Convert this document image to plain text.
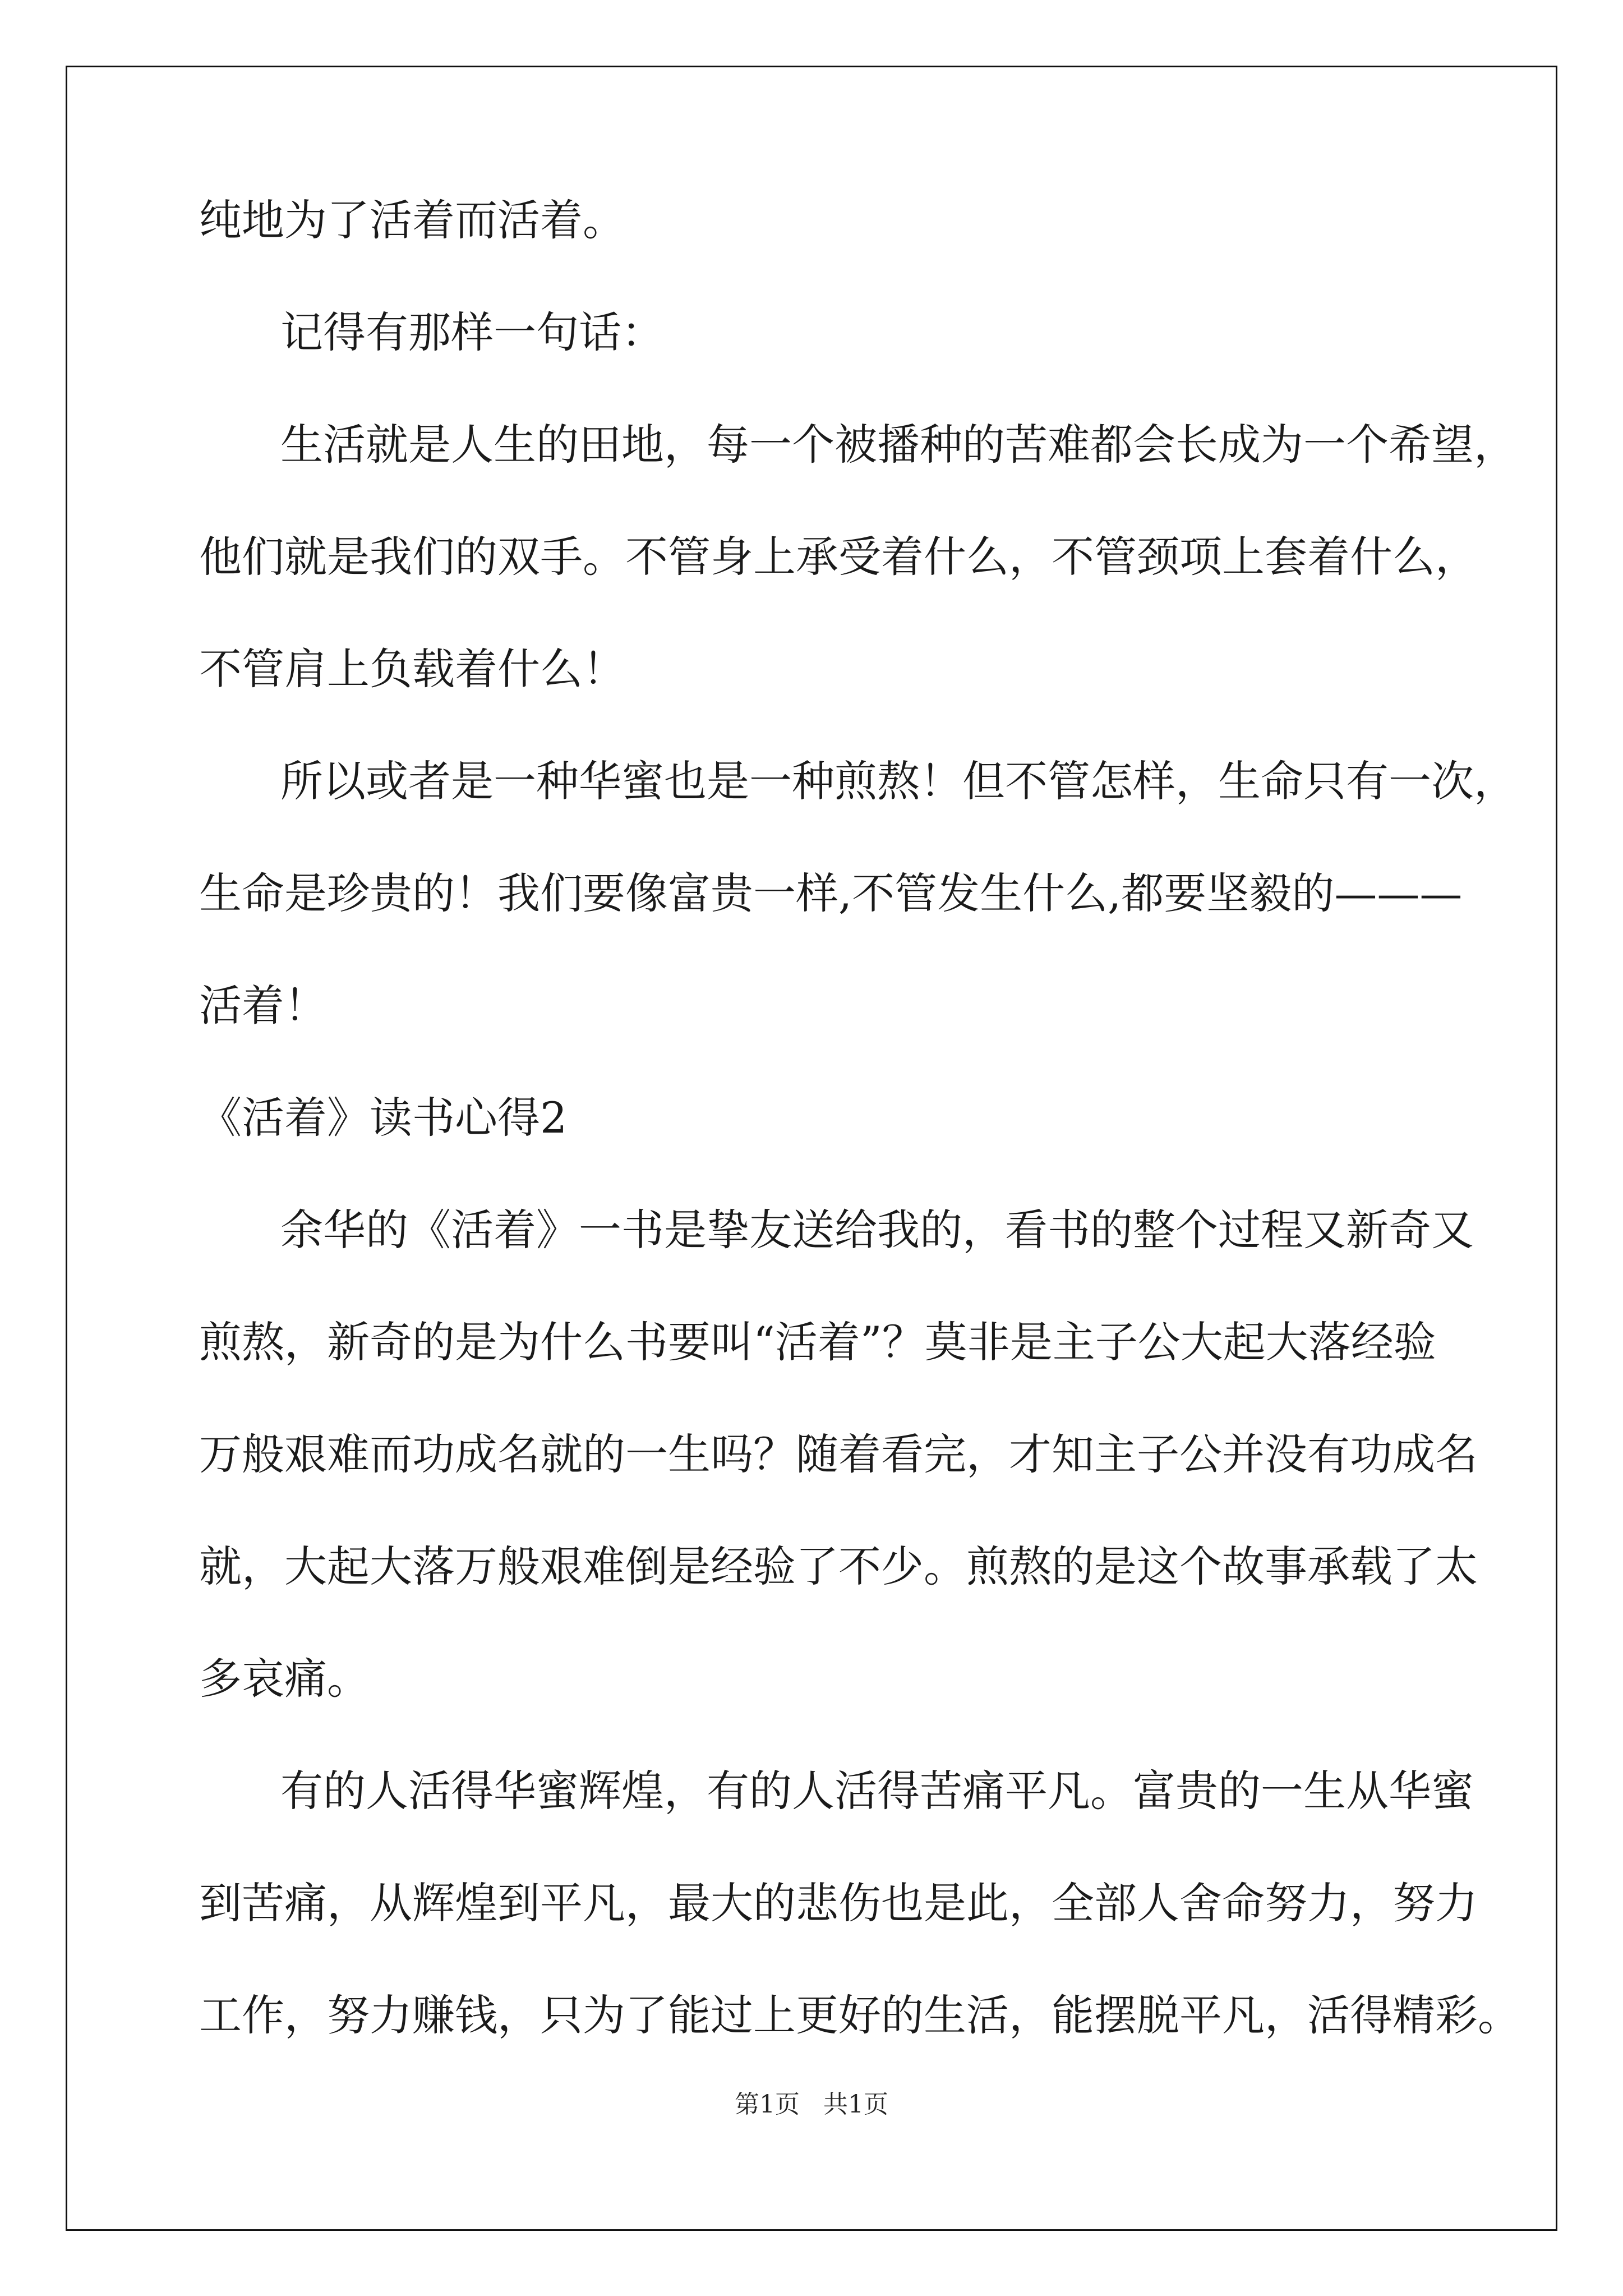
纯地为了活着而活着。
记得有那样一句话：
生活就是人生的田地，每一个被播种的苦难都会长成为一个希望，
他们就是我们的双手。不管身上承受着什么，不管颈项上套着什么，
不管肩上负载着什么！
所以或者是一种华蜜也是一种煎熬！但不管怎样，生命只有一次，
生命是珍贵的！我们要像富贵一样,不管发生什么,都要坚毅的———
活着！
《活着》读书心得2
余华的《活着》一书是挚友送给我的，看书的整个过程又新奇又
煎熬，新奇的是为什么书要叫“活着”？莫非是主子公大起大落经验
万般艰难而功成名就的一生吗？随着看完，才知主子公并没有功成名
就，大起大落万般艰难倒是经验了不少。煎熬的是这个故事承载了太
多哀痛。
有的人活得华蜜辉煌，有的人活得苦痛平凡。富贵的一生从华蜜
到苦痛，从辉煌到平凡，最大的悲伤也是此，全部人舍命努力，努力
工作，努力赚钱，只为了能过上更好的生活，能摆脱平凡，活得精彩。
第1页   共1页
